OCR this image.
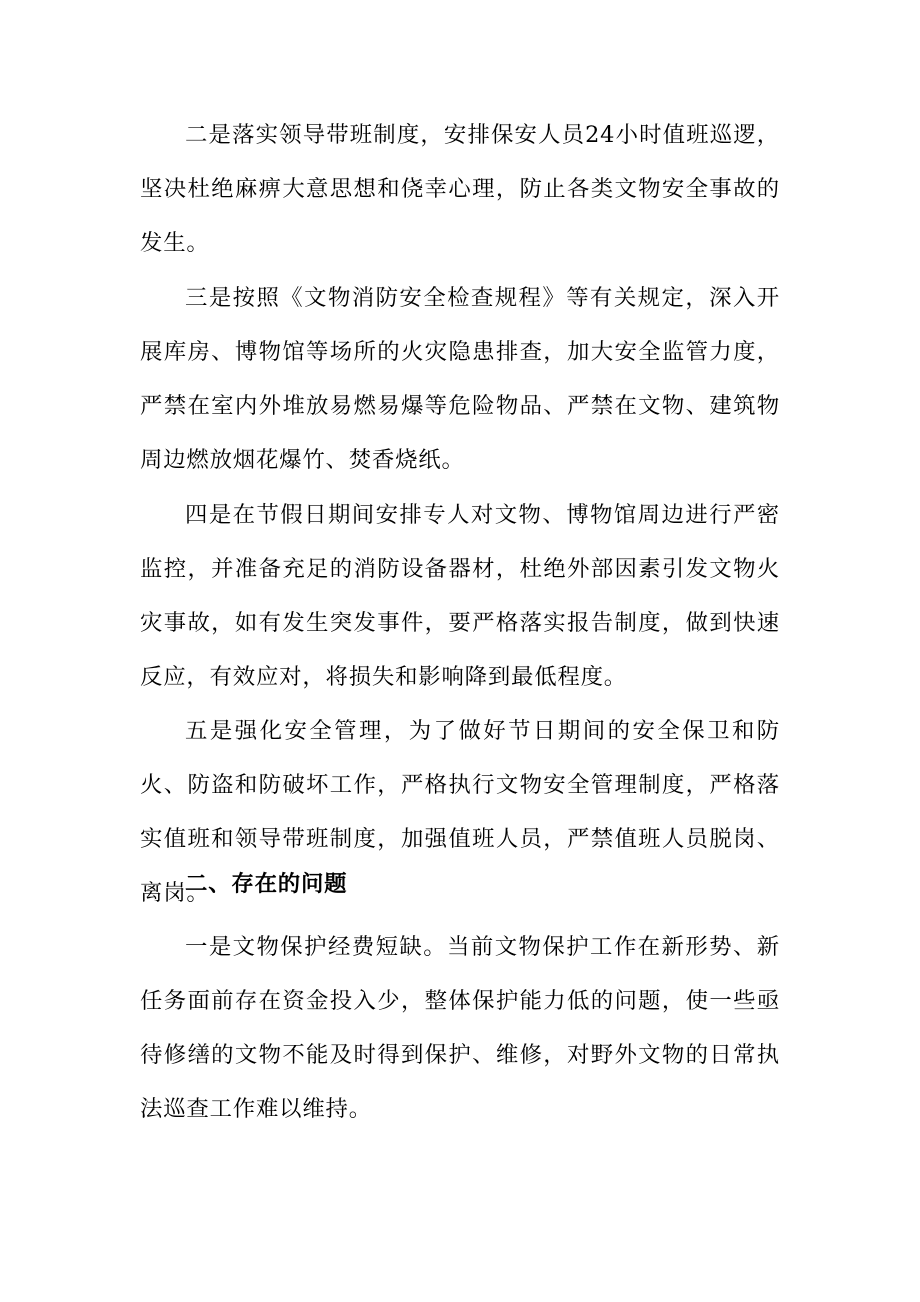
二是落实领导带班制度，安排保安人员24小时值班巡逻，坚决杜绝麻痹大意思想和侥幸心理，防止各类文物安全事故的发生。

三是按照《文物消防安全检查规程》等有关规定，深入开展库房、博物馆等场所的火灾隐患排查，加大安全监管力度，严禁在室内外堆放易燃易爆等危险物品、严禁在文物、建筑物周边燃放烟花爆竹、焚香烧纸。

四是在节假日期间安排专人对文物、博物馆周边进行严密监控，并准备充足的消防设备器材，杜绝外部因素引发文物火灾事故，如有发生突发事件，要严格落实报告制度，做到快速反应，有效应对，将损失和影响降到最低程度。

五是强化安全管理，为了做好节日期间的安全保卫和防火、防盗和防破坏工作，严格执行文物安全管理制度，严格落实值班和领导带班制度，加强值班人员，严禁值班人员脱岗、离岗。

二、存在的问题

一是文物保护经费短缺。当前文物保护工作在新形势、新任务面前存在资金投入少，整体保护能力低的问题，使一些亟待修缮的文物不能及时得到保护、维修，对野外文物的日常执法巡查工作难以维持。
